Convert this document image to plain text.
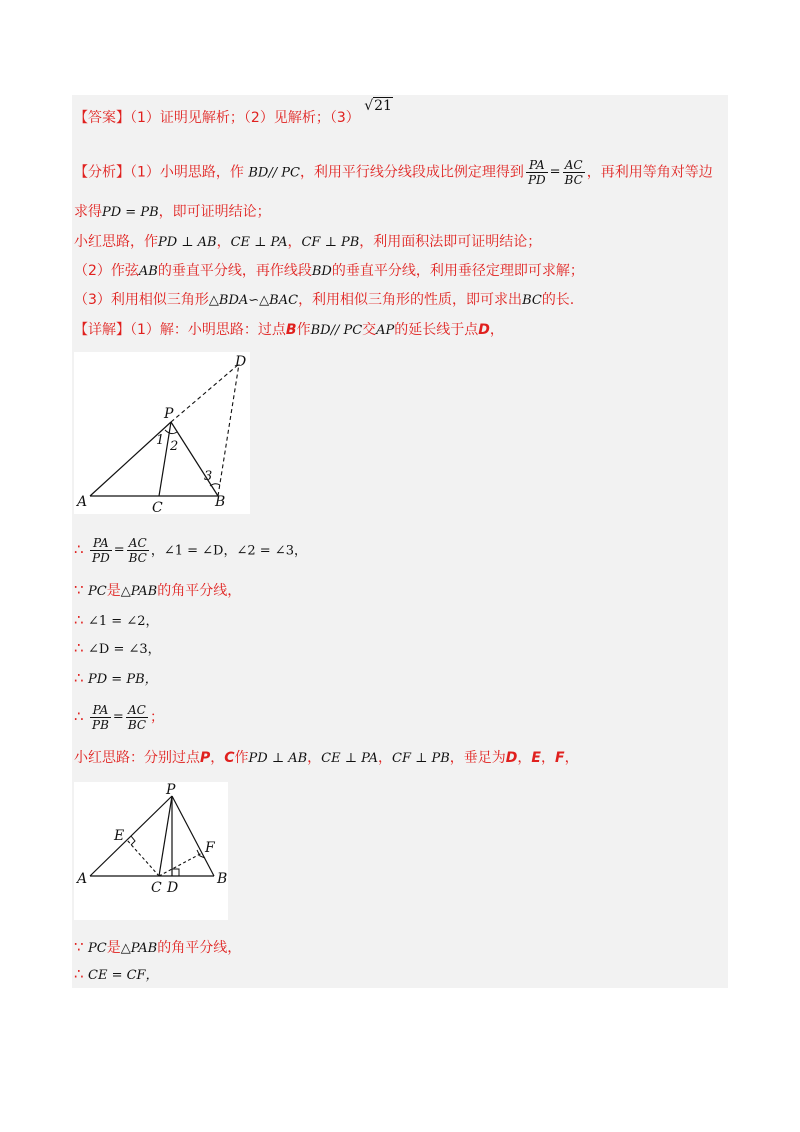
【答案】（1）证明见解析；（2）见解析；（3） √21
【分析】（1）小明思路，作 BD// PC，利用平行线分线段成比例定理得到 $\frac{PA}{PD} = \frac{AC}{BC}$ ，再利用等角对等边
求得PD = PB，即可证明结论；
小红思路，作PD ⊥ AB，CE ⊥ PA，CF ⊥ PB，利用面积法即可证明结论；
（2）作弦AB的垂直平分线，再作线段BD的垂直平分线，利用垂径定理即可求解；
（3）利用相似三角形△BDA∽△BAC，利用相似三角形的性质，即可求出BC的长.
【详解】（1）解：小明思路：过点B作BD// PC交AP的延长线于点D，
A	B
C
P
D
1 2
3
∴ $\frac{PA}{PD} = \frac{AC}{BC}$ ，∠1 = ∠D，∠2 = ∠3，
∵ PC是△PAB的角平分线，
∴ ∠1 = ∠2，
∴ ∠D = ∠3，
∴ PD = PB，
∴ $\frac{PA}{PB} = \frac{AC}{BC}$ ；
小红思路：分别过点P，C作PD ⊥ AB，CE ⊥ PA，CF ⊥ PB，垂足为D，E，F，
A	B
C D
E
F
P
∵ PC是△PAB的角平分线，
∴ CE = CF，
